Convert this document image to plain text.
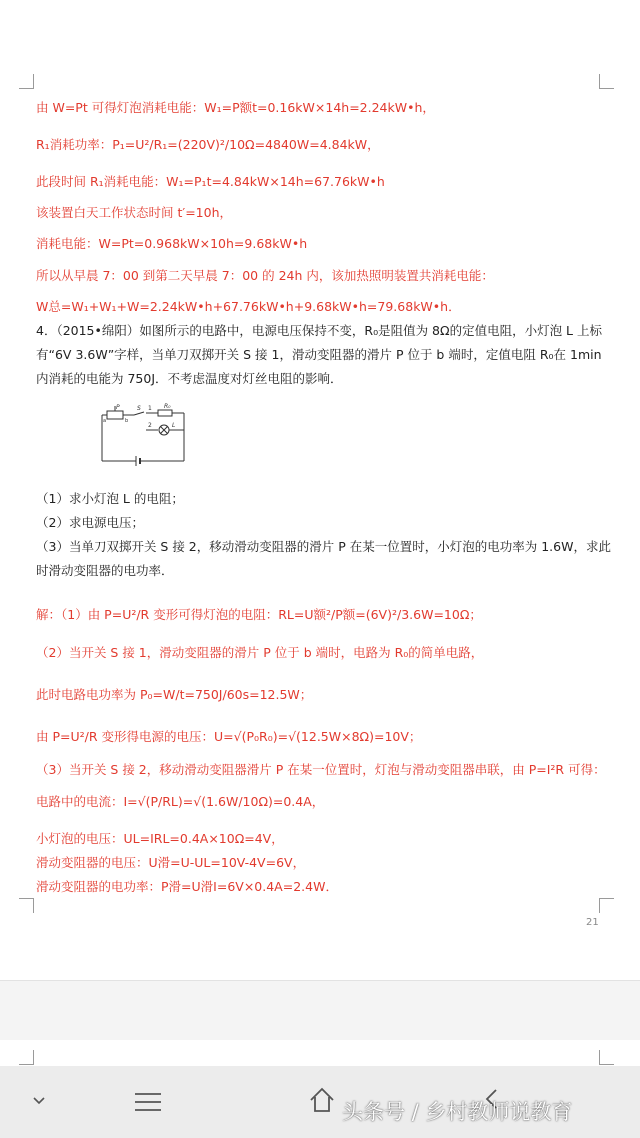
由 W=Pt 可得灯泡消耗电能：W₁=P额t=0.16kW×14h=2.24kW•h，
R₁消耗功率：P₁=U²/R₁=(220V)²/10Ω=4840W=4.84kW，
此段时间 R₁消耗电能：W₁=P₁t=4.84kW×14h=67.76kW•h
该装置白天工作状态时间 t′=10h，
消耗电能：W=Pt=0.968kW×10h=9.68kW•h
所以从早晨 7：00 到第二天早晨 7：00 的 24h 内，该加热照明装置共消耗电能：
W总=W₁+W₁+W=2.24kW•h+67.76kW•h+9.68kW•h=79.68kW•h．
4．（2015•绵阳）如图所示的电路中，电源电压保持不变，R₀是阻值为 8Ω的定值电阻，小灯泡 L 上标
有“6V 3.6W”字样，当单刀双掷开关 S 接 1，滑动变阻器的滑片 P 位于 b 端时，定值电阻 R₀在 1min
内消耗的电能为 750J．不考虑温度对灯丝电阻的影响．
P
a	b
S 1
2
R₀
L
（1）求小灯泡 L 的电阻；
（2）求电源电压；
（3）当单刀双掷开关 S 接 2，移动滑动变阻器的滑片 P 在某一位置时，小灯泡的电功率为 1.6W，求此
时滑动变阻器的电功率．
解：（1）由 P=U²/R 变形可得灯泡的电阻：RL=U额²/P额=(6V)²/3.6W=10Ω；
（2）当开关 S 接 1，滑动变阻器的滑片 P 位于 b 端时，电路为 R₀的简单电路，
此时电路电功率为 P₀=W/t=750J/60s=12.5W；
由 P=U²/R 变形得电源的电压：U=√(P₀R₀)=√(12.5W×8Ω)=10V；
（3）当开关 S 接 2，移动滑动变阻器滑片 P 在某一位置时，灯泡与滑动变阻器串联，由 P=I²R 可得：
电路中的电流：I=√(P/RL)=√(1.6W/10Ω)=0.4A，
小灯泡的电压：UL=IRL=0.4A×10Ω=4V，
滑动变阻器的电压：U滑=U-UL=10V-4V=6V，
滑动变阻器的电功率：P滑=U滑I=6V×0.4A=2.4W．
21
头条号 / 乡村教师说教育
